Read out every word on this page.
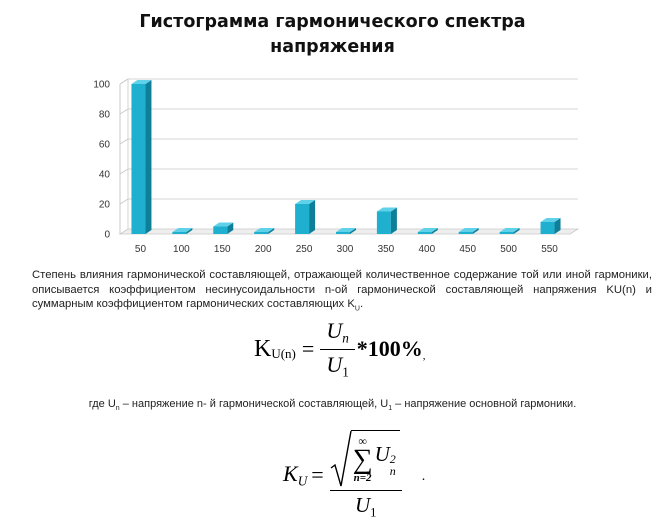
Гистограмма гармонического спектра
напряжения
0
20
40
60
80
100
50	100 150 200 250 300 350 400 450 500 550
Степень влияния гармонической составляющей, отражающей количественное содержание той или иной гармоники, описывается коэффициентом несинусоидальности n-ой гармонической составляющей напряжения KU(n) и суммарным коэффициентом гармонических составляющих $K_U$.
K $U(n) = \frac{U_n}{U_1} *100\%$ ,
где $U_n$ – напряжение n- й гармонической составляющей, $U_1$ – напряжение основной гармоники.
$K_U$ = ∞
∑
n=2
U 2
n
$U_1$ .
